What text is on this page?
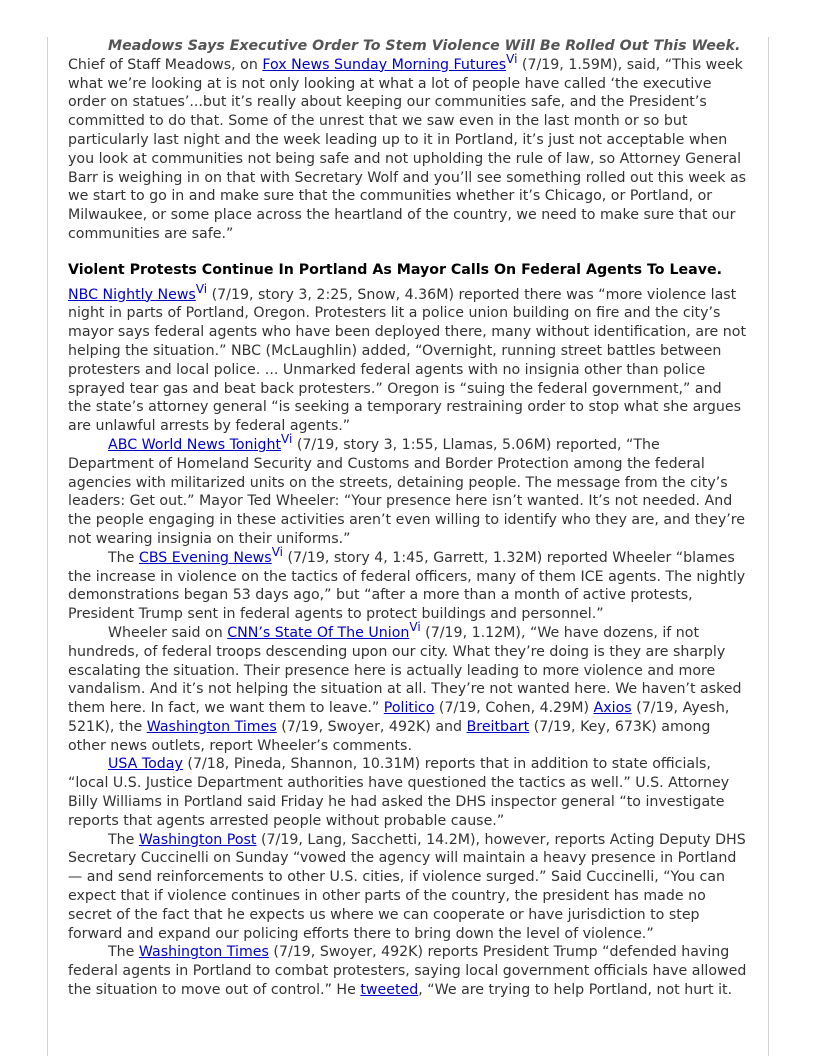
Meadows Says Executive Order To Stem Violence Will Be Rolled Out This Week.

Chief of Staff Meadows, on Fox News Sunday Morning Futures$^{Vi}$ (7/19, 1.59M), said, “This week what we’re looking at is not only looking at what a lot of people have called ‘the executive order on statues’...but it’s really about keeping our communities safe, and the President’s committed to do that. Some of the unrest that we saw even in the last month or so but particularly last night and the week leading up to it in Portland, it’s just not acceptable when you look at communities not being safe and not upholding the rule of law, so Attorney General Barr is weighing in on that with Secretary Wolf and you’ll see something rolled out this week as we start to go in and make sure that the communities whether it’s Chicago, or Portland, or Milwaukee, or some place across the heartland of the country, we need to make sure that our communities are safe.”

Violent Protests Continue In Portland As Mayor Calls On Federal Agents To Leave.

NBC Nightly News$^{Vi}$ (7/19, story 3, 2:25, Snow, 4.36M) reported there was “more violence last night in parts of Portland, Oregon. Protesters lit a police union building on fire and the city’s mayor says federal agents who have been deployed there, many without identification, are not helping the situation.” NBC (McLaughlin) added, “Overnight, running street battles between protesters and local police. ... Unmarked federal agents with no insignia other than police sprayed tear gas and beat back protesters.” Oregon is “suing the federal government,” and the state’s attorney general “is seeking a temporary restraining order to stop what she argues are unlawful arrests by federal agents.”

ABC World News Tonight$^{Vi}$ (7/19, story 3, 1:55, Llamas, 5.06M) reported, “The Department of Homeland Security and Customs and Border Protection among the federal agencies with militarized units on the streets, detaining people. The message from the city’s leaders: Get out.” Mayor Ted Wheeler: “Your presence here isn’t wanted. It’s not needed. And the people engaging in these activities aren’t even willing to identify who they are, and they’re not wearing insignia on their uniforms.”

The CBS Evening News$^{Vi}$ (7/19, story 4, 1:45, Garrett, 1.32M) reported Wheeler “blames the increase in violence on the tactics of federal officers, many of them ICE agents. The nightly demonstrations began 53 days ago,” but “after a more than a month of active protests, President Trump sent in federal agents to protect buildings and personnel.”

Wheeler said on CNN’s State Of The Union$^{Vi}$ (7/19, 1.12M), “We have dozens, if not hundreds, of federal troops descending upon our city. What they’re doing is they are sharply escalating the situation. Their presence here is actually leading to more violence and more vandalism. And it’s not helping the situation at all. They’re not wanted here. We haven’t asked them here. In fact, we want them to leave.” Politico (7/19, Cohen, 4.29M) Axios (7/19, Ayesh, 521K), the Washington Times (7/19, Swoyer, 492K) and Breitbart (7/19, Key, 673K) among other news outlets, report Wheeler’s comments.

USA Today (7/18, Pineda, Shannon, 10.31M) reports that in addition to state officials, “local U.S. Justice Department authorities have questioned the tactics as well.” U.S. Attorney Billy Williams in Portland said Friday he had asked the DHS inspector general “to investigate reports that agents arrested people without probable cause.”

The Washington Post (7/19, Lang, Sacchetti, 14.2M), however, reports Acting Deputy DHS Secretary Cuccinelli on Sunday “vowed the agency will maintain a heavy presence in Portland — and send reinforcements to other U.S. cities, if violence surged.” Said Cuccinelli, “You can expect that if violence continues in other parts of the country, the president has made no secret of the fact that he expects us where we can cooperate or have jurisdiction to step forward and expand our policing efforts there to bring down the level of violence.”

The Washington Times (7/19, Swoyer, 492K) reports President Trump “defended having federal agents in Portland to combat protesters, saying local government officials have allowed the situation to move out of control.” He tweeted, “We are trying to help Portland, not hurt it.
